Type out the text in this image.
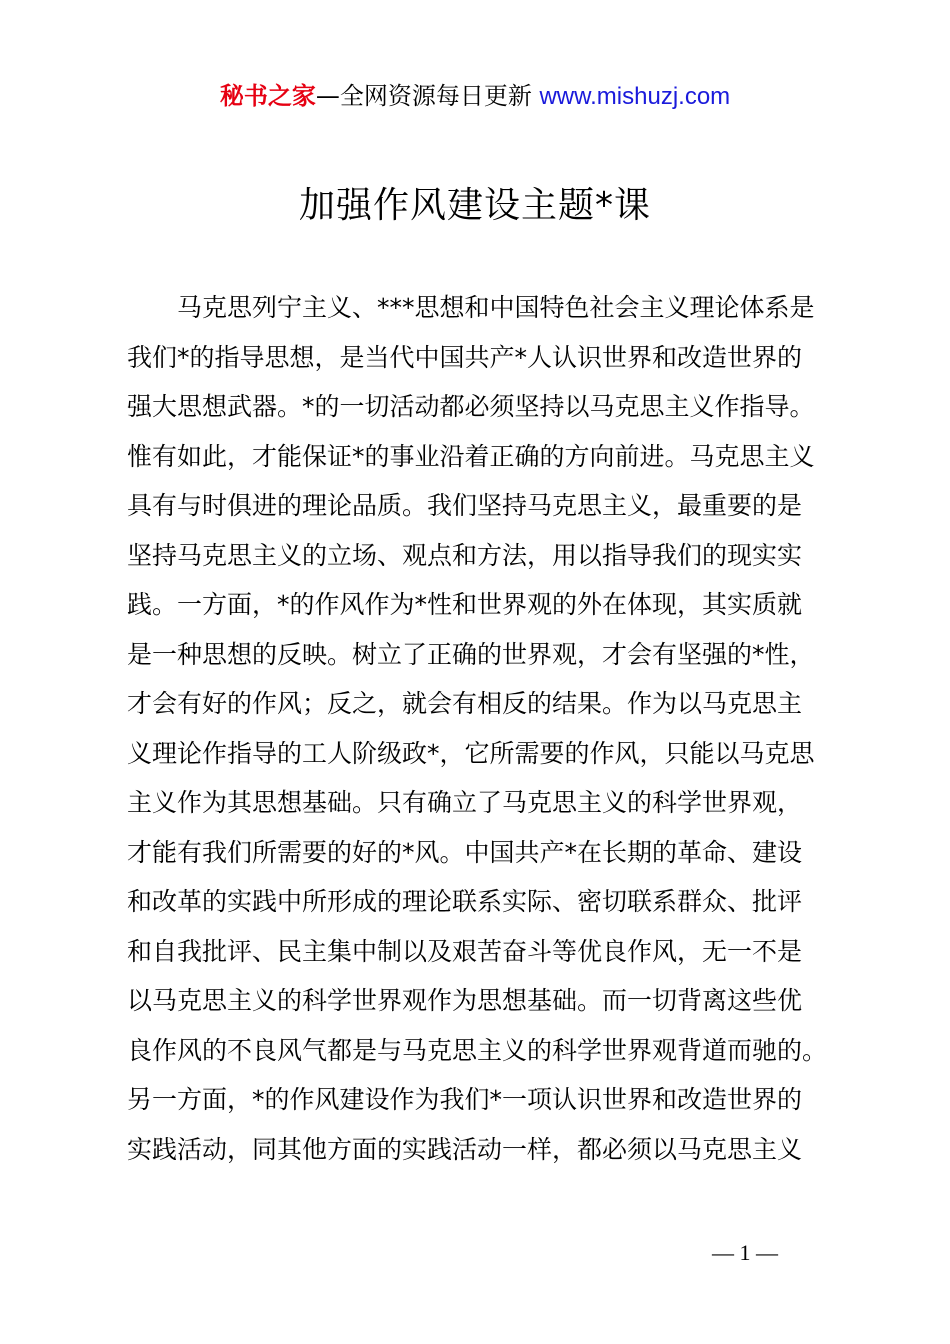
秘书之家—全网资源每日更新 www.mishuzj.com
加强作风建设主题*课
马克思列宁主义、***思想和中国特色社会主义理论体系是
我们*的指导思想，是当代中国共产*人认识世界和改造世界的
强大思想武器。*的一切活动都必须坚持以马克思主义作指导。
惟有如此，才能保证*的事业沿着正确的方向前进。马克思主义
具有与时俱进的理论品质。我们坚持马克思主义，最重要的是
坚持马克思主义的立场、观点和方法，用以指导我们的现实实
践。一方面，*的作风作为*性和世界观的外在体现，其实质就
是一种思想的反映。树立了正确的世界观，才会有坚强的*性，
才会有好的作风；反之，就会有相反的结果。作为以马克思主
义理论作指导的工人阶级政*，它所需要的作风，只能以马克思
主义作为其思想基础。只有确立了马克思主义的科学世界观，
才能有我们所需要的好的*风。中国共产*在长期的革命、建设
和改革的实践中所形成的理论联系实际、密切联系群众、批评
和自我批评、民主集中制以及艰苦奋斗等优良作风，无一不是
以马克思主义的科学世界观作为思想基础。而一切背离这些优
良作风的不良风气都是与马克思主义的科学世界观背道而驰的。
另一方面，*的作风建设作为我们*一项认识世界和改造世界的
实践活动，同其他方面的实践活动一样，都必须以马克思主义
— 1 —
